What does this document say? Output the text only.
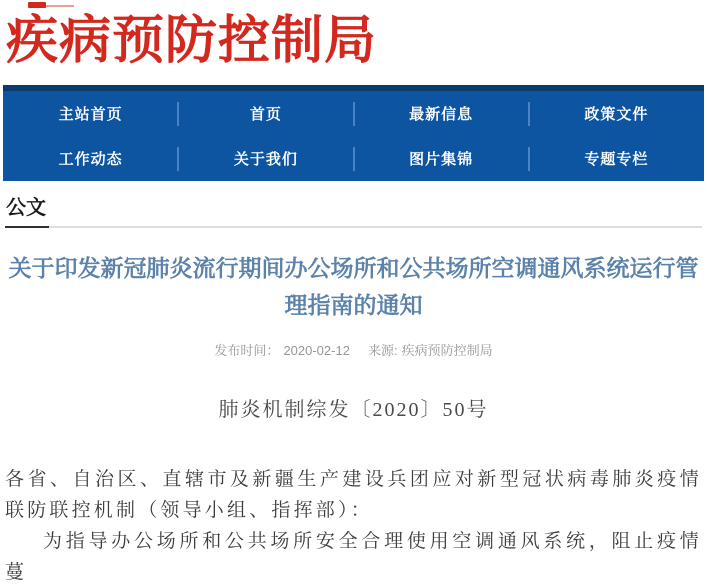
疾病预防控制局
主站首页	首页	最新信息	政策文件
工作动态	关于我们	图片集锦	专题专栏
公文
关于印发新冠肺炎流行期间办公场所和公共场所空调通风系统运行管理指南的通知
发布时间： 2020-02-12 来源: 疾病预防控制局
肺炎机制综发〔2020〕50号

各省、自治区、直辖市及新疆生产建设兵团应对新型冠状病毒肺炎疫情联防联控机制（领导小组、指挥部）：

为指导办公场所和公共场所安全合理使用空调通风系统，阻止疫情蔓
